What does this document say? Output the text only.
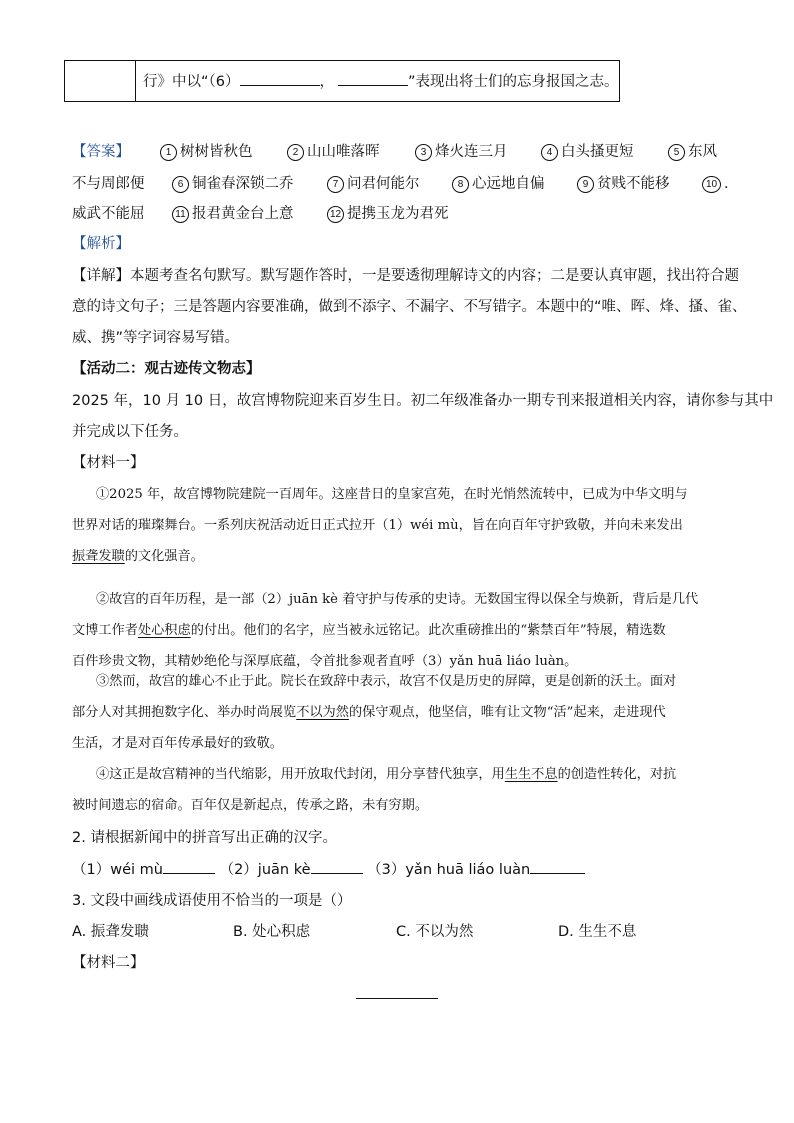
行》中以“（6）	，	”表现出将士们的忘身报国之志。
【答案】	1 树树皆秋色	2 山山唯落晖	3 烽火连三月	4 白头搔更短	5 东风
不与周郎便	6 铜雀春深锁二乔	7 问君何能尔	8 心远地自偏	9 贫贱不能移	10 .
威武不能屈	11 报君黄金台上意	12 提携玉龙为君死
【解析】
【详解】本题考查名句默写。默写题作答时，一是要透彻理解诗文的内容；二是要认真审题，找出符合题
意的诗文句子；三是答题内容要准确，做到不添字、不漏字、不写错字。本题中的“唯、晖、烽、搔、雀、
威、携”等字词容易写错。
【活动二：观古迹传文物志】
2025 年，10 月 10 日，故宫博物院迎来百岁生日。初二年级准备办一期专刊来报道相关内容，请你参与其中
并完成以下任务。
【材料一】
①2025 年，故宫博物院建院一百周年。这座昔日的皇家宫苑，在时光悄然流转中，已成为中华文明与
世界对话的璀璨舞台。一系列庆祝活动近日正式拉开（1）wéi mù，旨在向百年守护致敬，并向未来发出
振聋发聩的文化强音。
②故宫的百年历程，是一部（2）juān kè 着守护与传承的史诗。无数国宝得以保全与焕新，背后是几代
文博工作者处心积虑的付出。他们的名字，应当被永远铭记。此次重磅推出的“紫禁百年”特展，精选数
百件珍贵文物，其精妙绝伦与深厚底蕴，令首批参观者直呼（3）yǎn huā liáo luàn。
③然而，故宫的雄心不止于此。院长在致辞中表示，故宫不仅是历史的屏障，更是创新的沃土。面对
部分人对其拥抱数字化、举办时尚展览不以为然的保守观点，他坚信，唯有让文物“活”起来，走进现代
生活，才是对百年传承最好的致敬。
④这正是故宫精神的当代缩影，用开放取代封闭，用分享替代独享，用生生不息的创造性转化，对抗
被时间遗忘的宿命。百年仅是新起点，传承之路，未有穷期。
2. 请根据新闻中的拼音写出正确的汉字。
（1）wéi mù	（2）juān kè	（3）yǎn huā liáo luàn
3. 文段中画线成语使用不恰当的一项是（）
A. 振聋发聩	B. 处心积虑	C. 不以为然	D. 生生不息
【材料二】
